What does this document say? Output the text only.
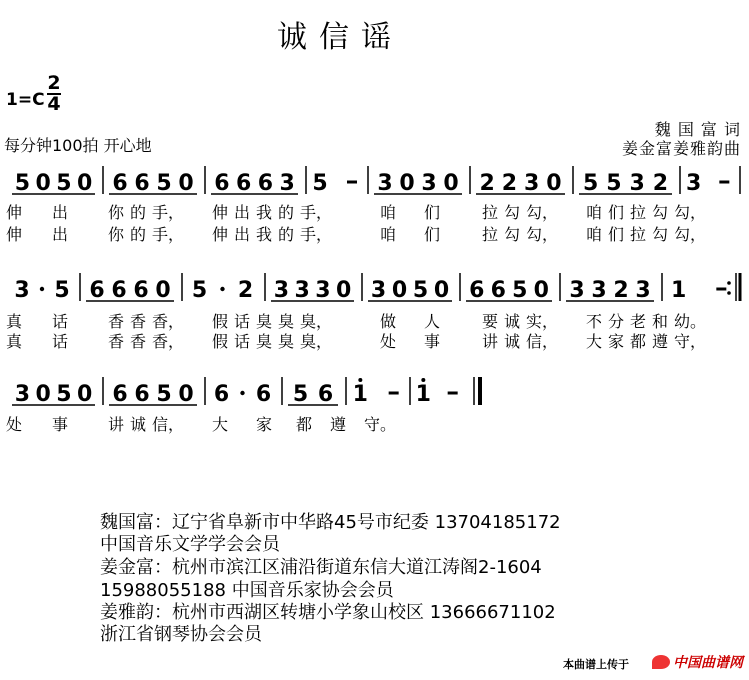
诚信谣
$1=C \frac{2}{4}$
每分钟100拍 开心地
魏 国 富 词
姜金富姜雅韵曲
5 0 5 0 6 6 5 0 6 6 6 3 5 3 0 3 0 2 2 3 0 5 5 3 2 3
伸 出 你 的 手， 伸 出 我 的 手，	咱 们	拉 勾 勾， 咱 们 拉 勾 勾，
伸 出 你 的 手， 伸 出 我 的 手，	咱 们	拉 勾 勾， 咱 们 拉 勾 勾，
3 5 6 6 6 0 5 2 3 3 3 0 3 0 5 0 6 6 5 0 3 3 2 3 1
真 话 香 香 香， 假 话 臭 臭 臭，	做 人	要 诚 实， 不 分 老 和 幼。
真 话 香 香 香， 假 话 臭 臭 臭，	处 事	讲 诚 信， 大 家 都 遵 守，
3 0 5 0 6 6 5 0 6 6 5 6 1 1
处 事 讲 诚 信， 大 家 都 遵 守。
魏国富：辽宁省阜新市中华路45号市纪委 13704185172
中国音乐文学学会会员
姜金富：杭州市滨江区浦沿街道东信大道江涛阁2-1604
15988055188 中国音乐家协会会员
姜雅韵：杭州市西湖区转塘小学象山校区 13666671102
浙江省钢琴协会会员
本曲谱上传于	中国曲谱网
